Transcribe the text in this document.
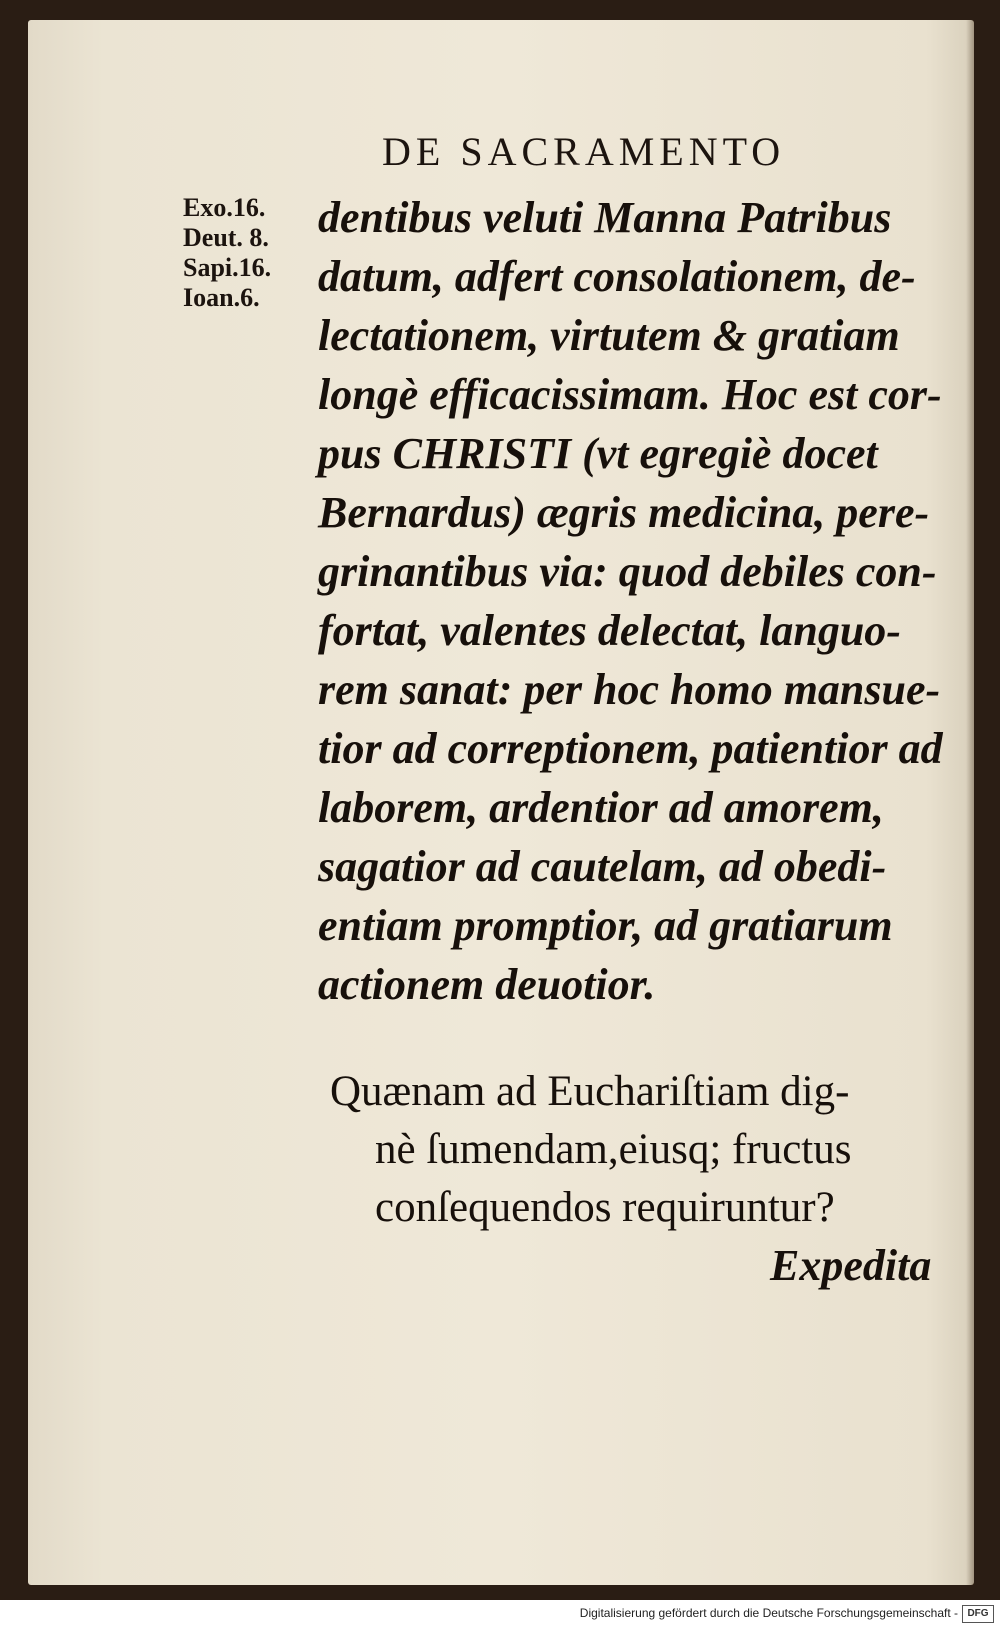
DE SACRAMENTO
Exo.16.
Deut. 8.
Sapi.16.
Ioan.6.
dentibus veluti Manna Patribus
datum, adfert consolationem, de-
lectationem, virtutem & gratiam
longè efficacissimam. Hoc est cor-
pus CHRISTI (vt egregiè docet
Bernardus) ægris medicina, pere-
grinantibus via: quod debiles con-
fortat, valentes delectat, languo-
rem sanat: per hoc homo mansue-
tior ad correptionem, patientior ad
laborem, ardentior ad amorem,
sagatior ad cautelam, ad obedi-
entiam promptior, ad gratiarum
actionem deuotior.
Quænam ad Euchariſtiam dig-
nè ſumendam,eiusq; fructus
conſequendos requiruntur?
Expedita
Digitalisierung gefördert durch die Deutsche Forschungsgemeinschaft - DFG
